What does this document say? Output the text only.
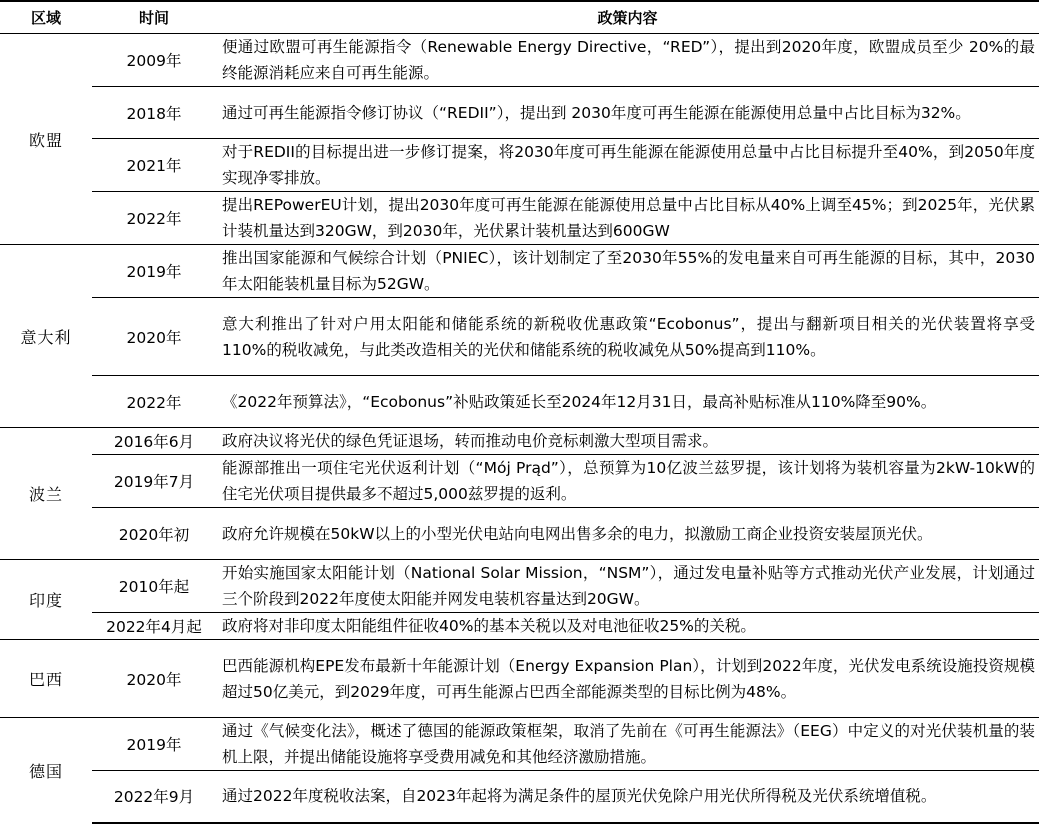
区域	时间	政策内容
欧盟	2009年	便通过欧盟可再生能源指令（Renewable Energy Directive，“RED”），提出到2020年度，欧盟成员至少 20%的最终能源消耗应来自可再生能源。
	2018年	通过可再生能源指令修订协议（“REDII”），提出到 2030年度可再生能源在能源使用总量中占比目标为32%。
	2021年	对于REDII的目标提出进一步修订提案，将2030年度可再生能源在能源使用总量中占比目标提升至40%，到2050年度实现净零排放。
	2022年	提出REPowerEU计划，提出2030年度可再生能源在能源使用总量中占比目标从40%上调至45%；到2025年，光伏累计装机量达到320GW，到2030年，光伏累计装机量达到600GW
意大利	2019年	推出国家能源和气候综合计划（PNIEC），该计划制定了至2030年55%的发电量来自可再生能源的目标，其中，2030年太阳能装机量目标为52GW。
	2020年	意大利推出了针对户用太阳能和储能系统的新税收优惠政策“Ecobonus”，提出与翻新项目相关的光伏装置将享受110%的税收减免，与此类改造相关的光伏和储能系统的税收减免从50%提高到110%。
	2022年	《2022年预算法》，“Ecobonus”补贴政策延长至2024年12月31日，最高补贴标准从110%降至90%。
波兰	2016年6月	政府决议将光伏的绿色凭证退场，转而推动电价竞标刺激大型项目需求。
	2019年7月	能源部推出一项住宅光伏返利计划（“Mój Prąd”），总预算为10亿波兰兹罗提，该计划将为装机容量为2kW-10kW的住宅光伏项目提供最多不超过5,000兹罗提的返利。
	2020年初	政府允许规模在50kW以上的小型光伏电站向电网出售多余的电力，拟激励工商企业投资安装屋顶光伏。
印度	2010年起	开始实施国家太阳能计划（National Solar Mission，“NSM”），通过发电量补贴等方式推动光伏产业发展，计划通过三个阶段到2022年度使太阳能并网发电装机容量达到20GW。
	2022年4月起	政府将对非印度太阳能组件征收40%的基本关税以及对电池征收25%的关税。
巴西	2020年	巴西能源机构EPE发布最新十年能源计划（Energy Expansion Plan），计划到2022年度，光伏发电系统设施投资规模超过50亿美元，到2029年度，可再生能源占巴西全部能源类型的目标比例为48%。
德国	2019年	通过《气候变化法》，概述了德国的能源政策框架，取消了先前在《可再生能源法》（EEG）中定义的对光伏装机量的装机上限，并提出储能设施将享受费用减免和其他经济激励措施。
	2022年9月	通过2022年度税收法案，自2023年起将为满足条件的屋顶光伏免除户用光伏所得税及光伏系统增值税。
